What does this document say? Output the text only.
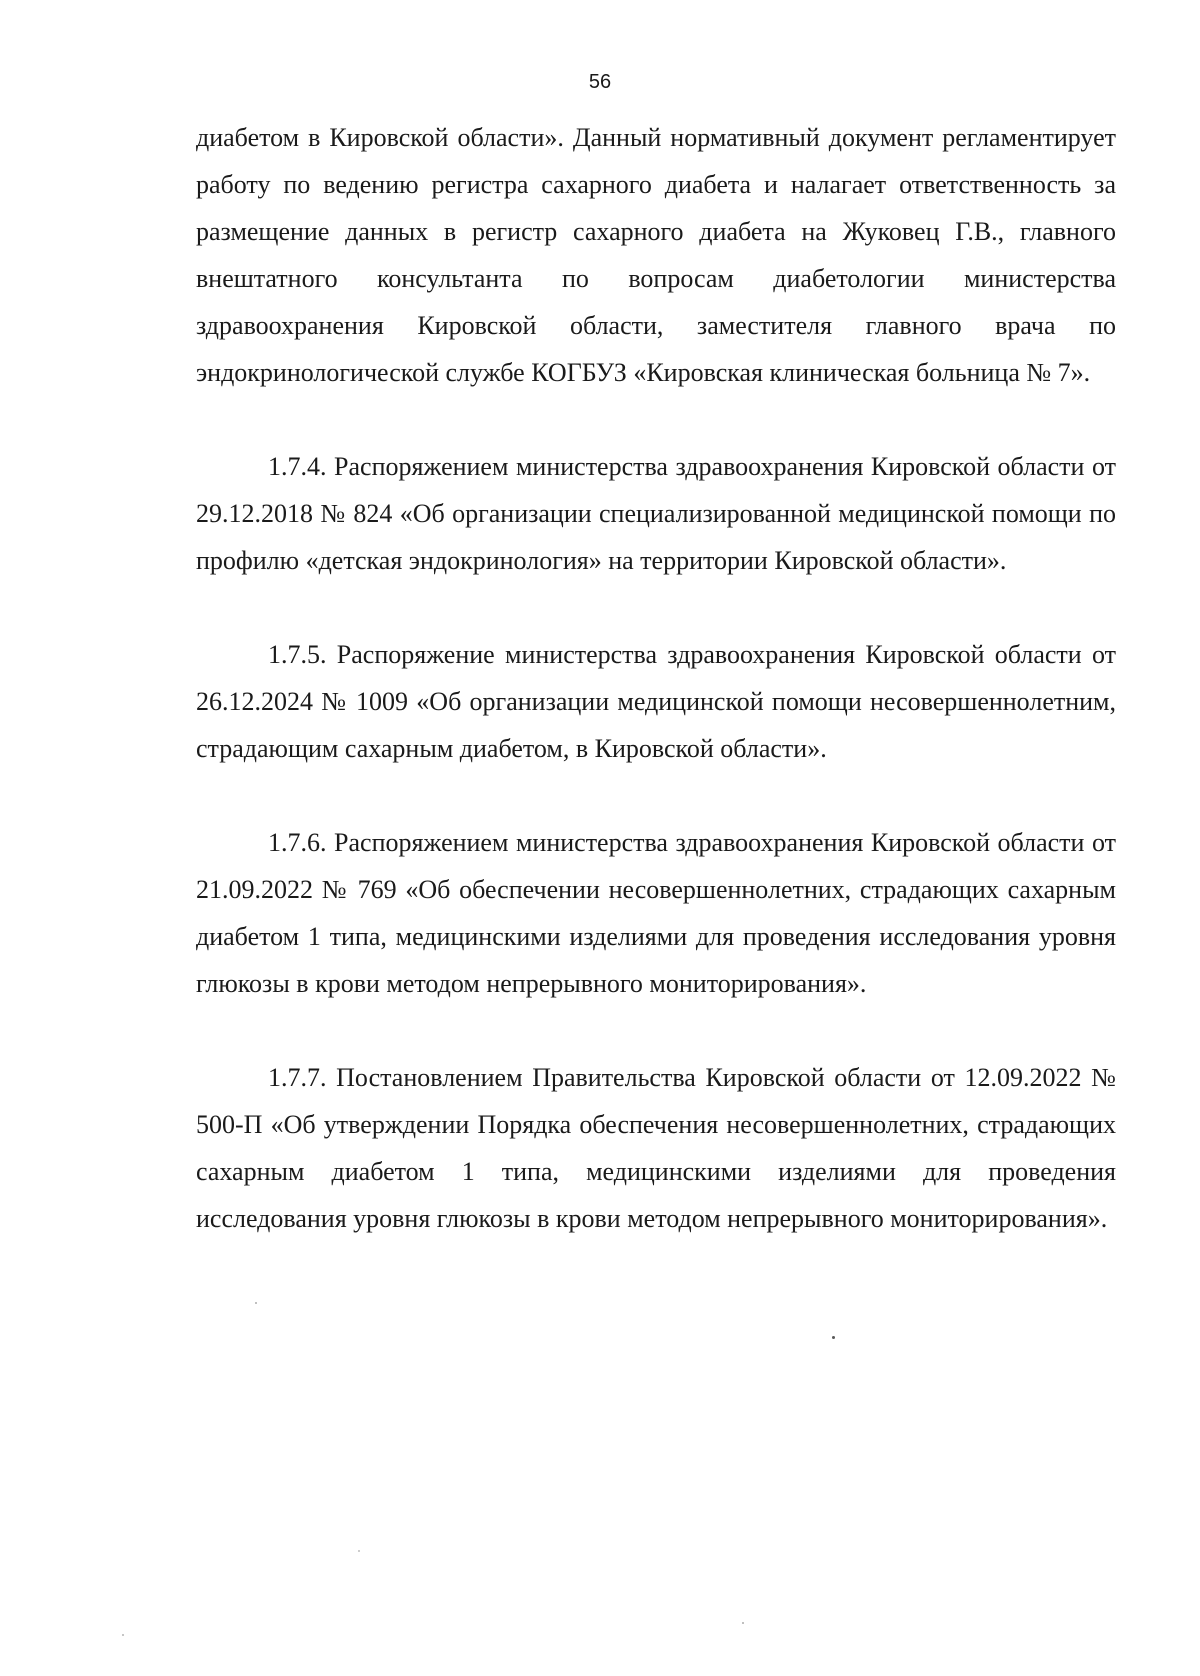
56

диабетом в Кировской области». Данный нормативный документ регламентирует работу по ведению регистра сахарного диабета и налагает ответственность за размещение данных в регистр сахарного диабета на Жуковец Г.В., главного внештатного консультанта по вопросам диабетологии министерства здравоохранения Кировской области, заместителя главного врача по эндокринологической службе КОГБУЗ «Кировская клиническая больница № 7».

1.7.4. Распоряжением министерства здравоохранения Кировской области от 29.12.2018 № 824 «Об организации специализированной медицинской помощи по профилю «детская эндокринология» на территории Кировской области».

1.7.5. Распоряжение министерства здравоохранения Кировской области от 26.12.2024 № 1009 «Об организации медицинской помощи несовершеннолетним, страдающим сахарным диабетом, в Кировской области».

1.7.6. Распоряжением министерства здравоохранения Кировской области от 21.09.2022 № 769 «Об обеспечении несовершеннолетних, страдающих сахарным диабетом 1 типа, медицинскими изделиями для проведения исследования уровня глюкозы в крови методом непрерывного мониторирования».

1.7.7. Постановлением Правительства Кировской области от 12.09.2022 № 500-П «Об утверждении Порядка обеспечения несовершеннолетних, страдающих сахарным диабетом 1 типа, медицинскими изделиями для проведения исследования уровня глюкозы в крови методом непрерывного мониторирования».
